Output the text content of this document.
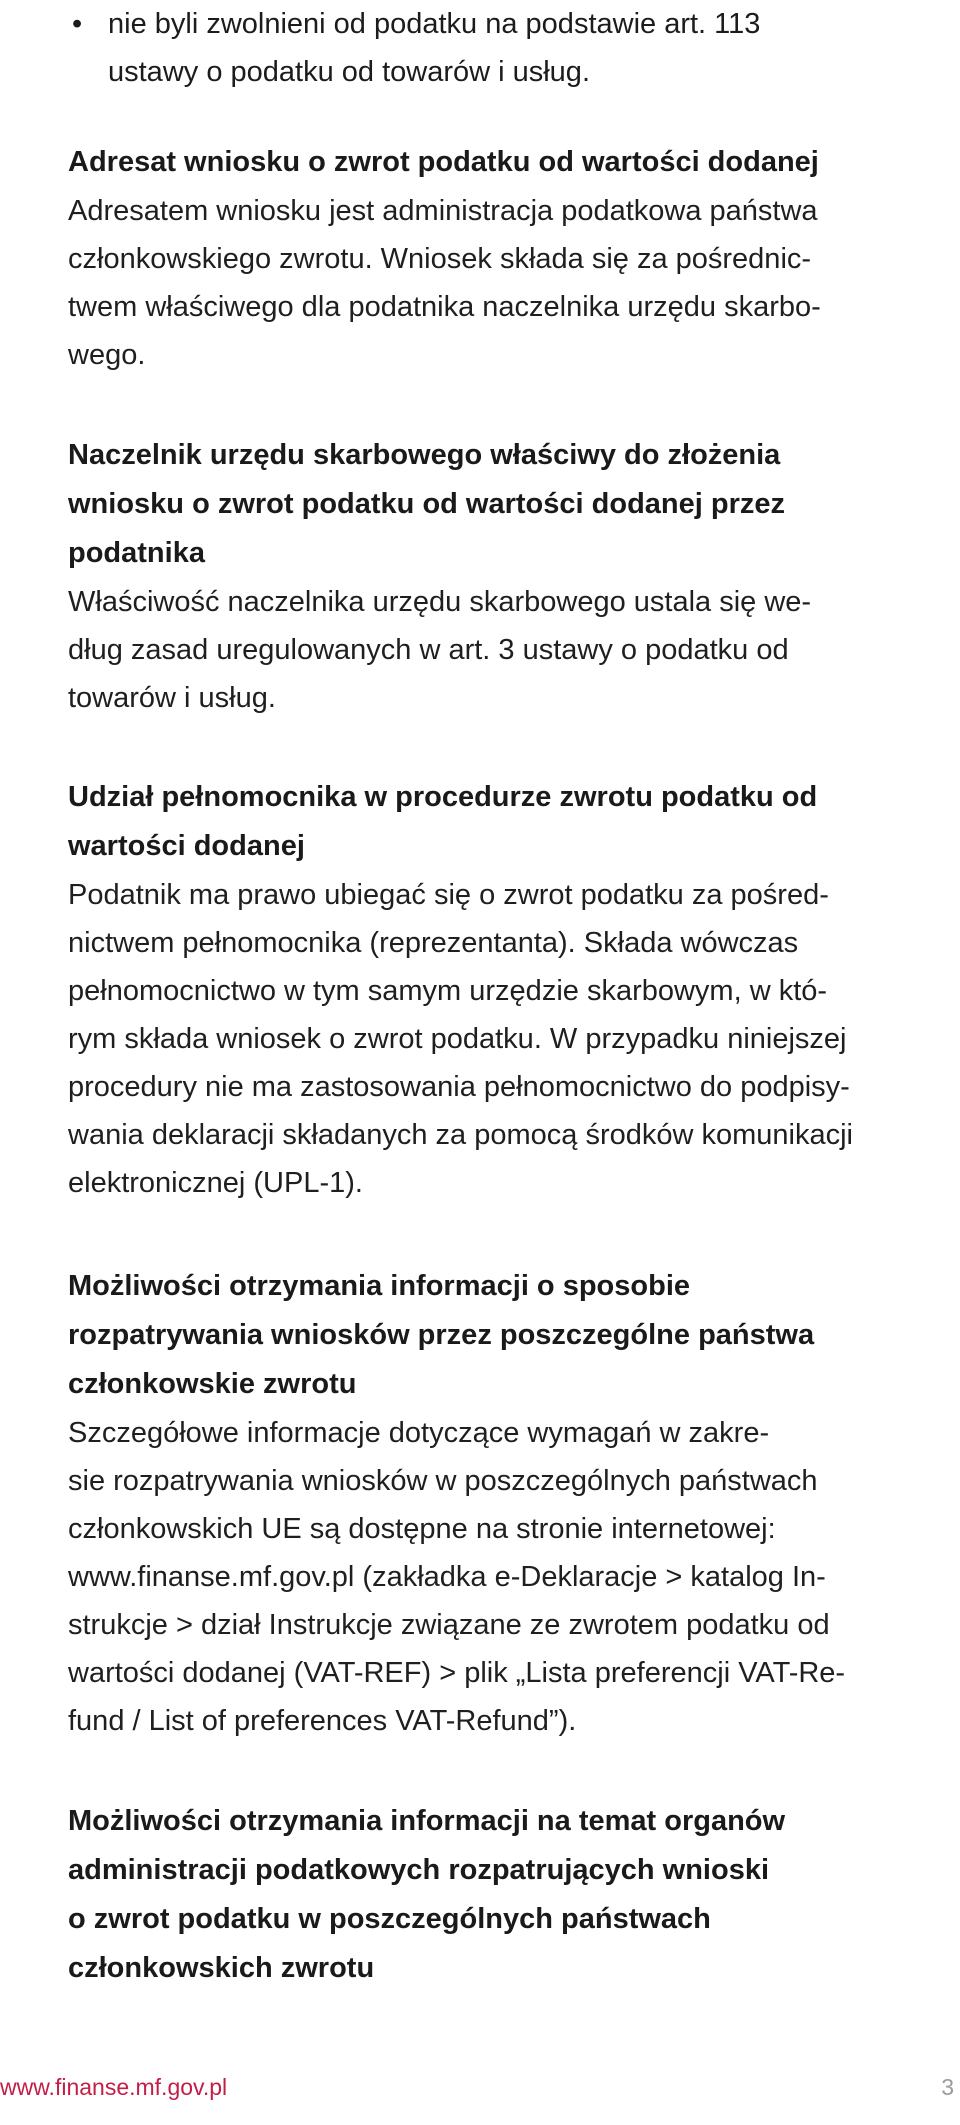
• nie byli zwolnieni od podatku na podstawie art. 113
ustawy o podatku od towarów i usług.

Adresat wniosku o zwrot podatku od wartości dodanej

Adresatem wniosku jest administracja podatkowa państwa

członkowskiego zwrotu. Wniosek składa się za pośrednic-

twem właściwego dla podatnika naczelnika urzędu skarbo-

wego.

Naczelnik urzędu skarbowego właściwy do złożenia

wniosku o zwrot podatku od wartości dodanej przez

podatnika

Właściwość naczelnika urzędu skarbowego ustala się we-

dług zasad uregulowanych w art. 3 ustawy o podatku od

towarów i usług.

Udział pełnomocnika w procedurze zwrotu podatku od

wartości dodanej

Podatnik ma prawo ubiegać się o zwrot podatku za pośred-

nictwem pełnomocnika (reprezentanta). Składa wówczas

pełnomocnictwo w tym samym urzędzie skarbowym, w któ-

rym składa wniosek o zwrot podatku. W przypadku niniejszej

procedury nie ma zastosowania pełnomocnictwo do podpisy-

wania deklaracji składanych za pomocą środków komunikacji

elektronicznej (UPL-1).

Możliwości otrzymania informacji o sposobie

rozpatrywania wniosków przez poszczególne państwa

członkowskie zwrotu

Szczegółowe informacje dotyczące wymagań w zakre-

sie rozpatrywania wniosków w poszczególnych państwach

członkowskich UE są dostępne na stronie internetowej:

www.finanse.mf.gov.pl (zakładka e-Deklaracje > katalog In-

strukcje > dział Instrukcje związane ze zwrotem podatku od

wartości dodanej (VAT-REF) > plik „Lista preferencji VAT-Re-

fund / List of preferences VAT-Refund”).

Możliwości otrzymania informacji na temat organów

administracji podatkowych rozpatrujących wnioski

o zwrot podatku w poszczególnych państwach

członkowskich zwrotu

www.finanse.mf.gov.pl	3
